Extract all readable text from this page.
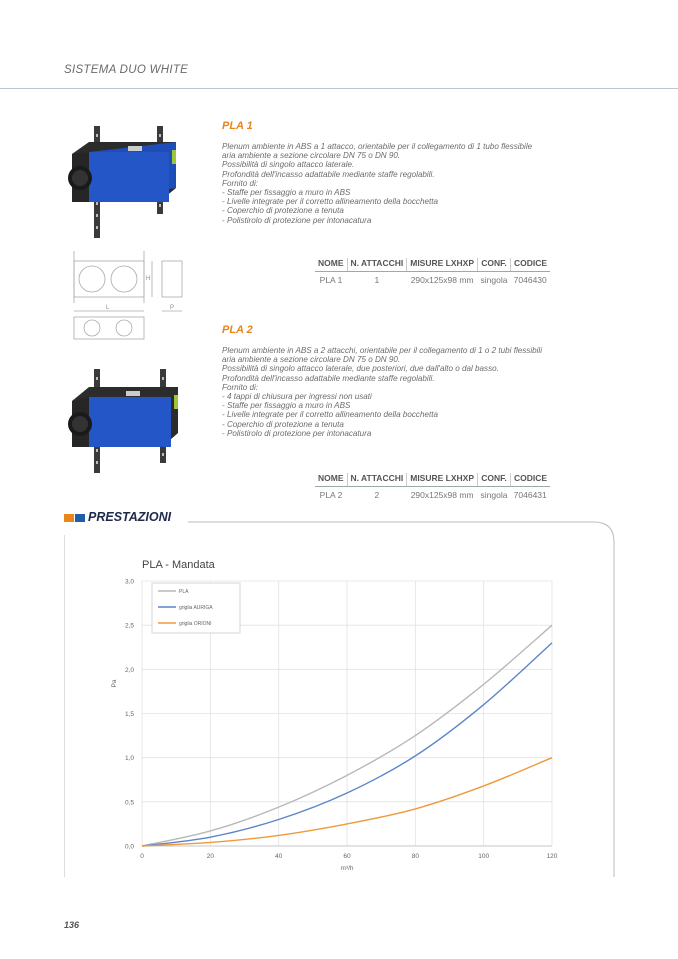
SISTEMA DUO WHITE
H
L	P
PLA 1
Plenum ambiente in ABS a 1 attacco, orientabile per il collegamento di 1 tubo flessibile
aria ambiente a sezione circolare DN 75 o DN 90.
Possibilità di singolo attacco laterale.
Profondità dell'incasso adattabile mediante staffe regolabili.
Fornito di:
- Staffe per fissaggio a muro in ABS
- Livelle integrate per il corretto allineamento della bocchetta
- Coperchio di protezione a tenuta
- Polistirolo di protezione per intonacatura
NOME	N. ATTACCHI	MISURE LXHXP	CONF.	CODICE
PLA 1	1	290x125x98 mm	singola	7046430
PLA 2
Plenum ambiente in ABS a 2 attacchi, orientabile per il collegamento di 1 o 2 tubi flessibili
aria ambiente a sezione circolare DN 75 o DN 90.
Possibilità di singolo attacco laterale, due posteriori, due dall'alto o dal basso.
Profondità dell'incasso adattabile mediante staffe regolabili.
Fornito di:
- 4 tappi di chiusura per ingressi non usati
- Staffe per fissaggio a muro in ABS
- Livelle integrate per il corretto allineamento della bocchetta
- Coperchio di protezione a tenuta
- Polistirolo di protezione per intonacatura
NOME	N. ATTACCHI	MISURE LXHXP	CONF.	CODICE
PLA 2	2	290x125x98 mm	singola	7046431
PRESTAZIONI
PLA - Mandata
PLA
griglia AURIGA
griglia ORIONI
0,0
0,5
1,0
1,5
2,0
2,5
3,0
0	20	40	60	80	100	120
m³/h
Pa
136
